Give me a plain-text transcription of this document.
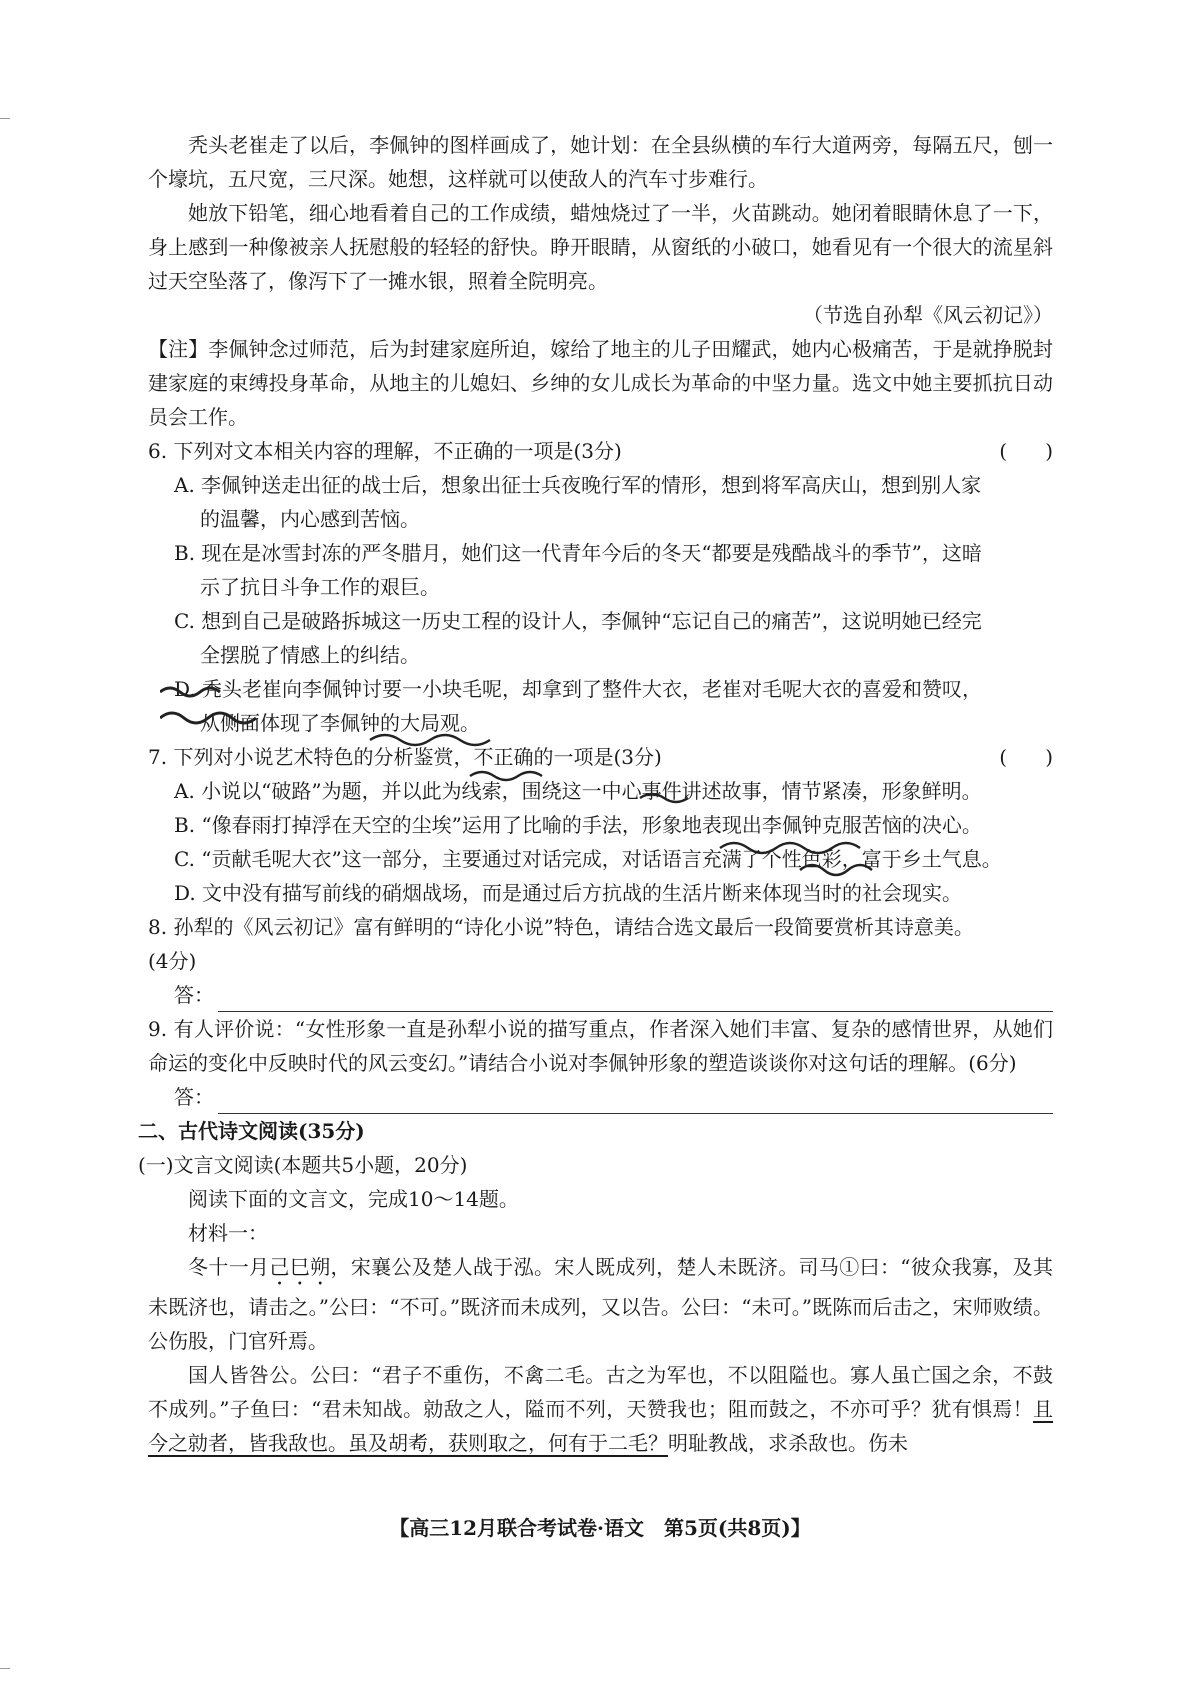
秃头老崔走了以后，李佩钟的图样画成了，她计划：在全县纵横的车行大道两旁，每隔五尺，刨一个壕坑，五尺宽，三尺深。她想，这样就可以使敌人的汽车寸步难行。

她放下铅笔，细心地看着自己的工作成绩，蜡烛烧过了一半，火苗跳动。她闭着眼睛休息了一下，身上感到一种像被亲人抚慰般的轻轻的舒快。睁开眼睛，从窗纸的小破口，她看见有一个很大的流星斜过天空坠落了，像泻下了一摊水银，照着全院明亮。

（节选自孙犁《风云初记》）

【注】李佩钟念过师范，后为封建家庭所迫，嫁给了地主的儿子田耀武，她内心极痛苦，于是就挣脱封建家庭的束缚投身革命，从地主的儿媳妇、乡绅的女儿成长为革命的中坚力量。选文中她主要抓抗日动员会工作。

6. 下列对文本相关内容的理解，不正确的一项是(3分)	(      )

A. 李佩钟送走出征的战士后，想象出征士兵夜晚行军的情形，想到将军高庆山，想到别人家

的温馨，内心感到苦恼。

B. 现在是冰雪封冻的严冬腊月，她们这一代青年今后的冬天“都要是残酷战斗的季节”，这暗

示了抗日斗争工作的艰巨。

C. 想到自己是破路拆城这一历史工程的设计人，李佩钟“忘记自己的痛苦”，这说明她已经完

全摆脱了情感上的纠结。

D. 秃头老崔向李佩钟讨要一小块毛呢，却拿到了整件大衣，老崔对毛呢大衣的喜爱和赞叹，

从侧面体现了李佩钟的大局观。

7. 下列对小说艺术特色的分析鉴赏，不正确的一项是(3分)	(      )

A. 小说以“破路”为题，并以此为线索，围绕这一中心事件讲述故事，情节紧凑，形象鲜明。

B. “像春雨打掉浮在天空的尘埃”运用了比喻的手法，形象地表现出李佩钟克服苦恼的决心。

C. “贡献毛呢大衣”这一部分，主要通过对话完成，对话语言充满了个性色彩，富于乡土气息。

D. 文中没有描写前线的硝烟战场，而是通过后方抗战的生活片断来体现当时的社会现实。

8. 孙犁的《风云初记》富有鲜明的“诗化小说”特色，请结合选文最后一段简要赏析其诗意美。

(4分)

答：

9. 有人评价说：“女性形象一直是孙犁小说的描写重点，作者深入她们丰富、复杂的感情世界，从她们命运的变化中反映时代的风云变幻。”请结合小说对李佩钟形象的塑造谈谈你对这句话的理解。(6分)

答：

二、古代诗文阅读(35分)

(一)文言文阅读(本题共5小题，20分)

阅读下面的文言文，完成10～14题。

材料一：

冬十一月己巳朔，宋襄公及楚人战于泓。宋人既成列，楚人未既济。司马①曰：“彼众我寡，及其未既济也，请击之。”公曰：“不可。”既济而未成列，又以告。公曰：“未可。”既陈而后击之，宋师败绩。公伤股，门官歼焉。

国人皆咎公。公曰：“君子不重伤，不禽二毛。古之为军也，不以阻隘也。寡人虽亡国之余，不鼓不成列。”子鱼曰：“君未知战。勍敌之人，隘而不列，天赞我也；阻而鼓之，不亦可乎？犹有惧焉！且今之勍者，皆我敌也。虽及胡耇，获则取之，何有于二毛？明耻教战，求杀敌也。伤未

【高三12月联合考试卷·语文　第5页(共8页)】
